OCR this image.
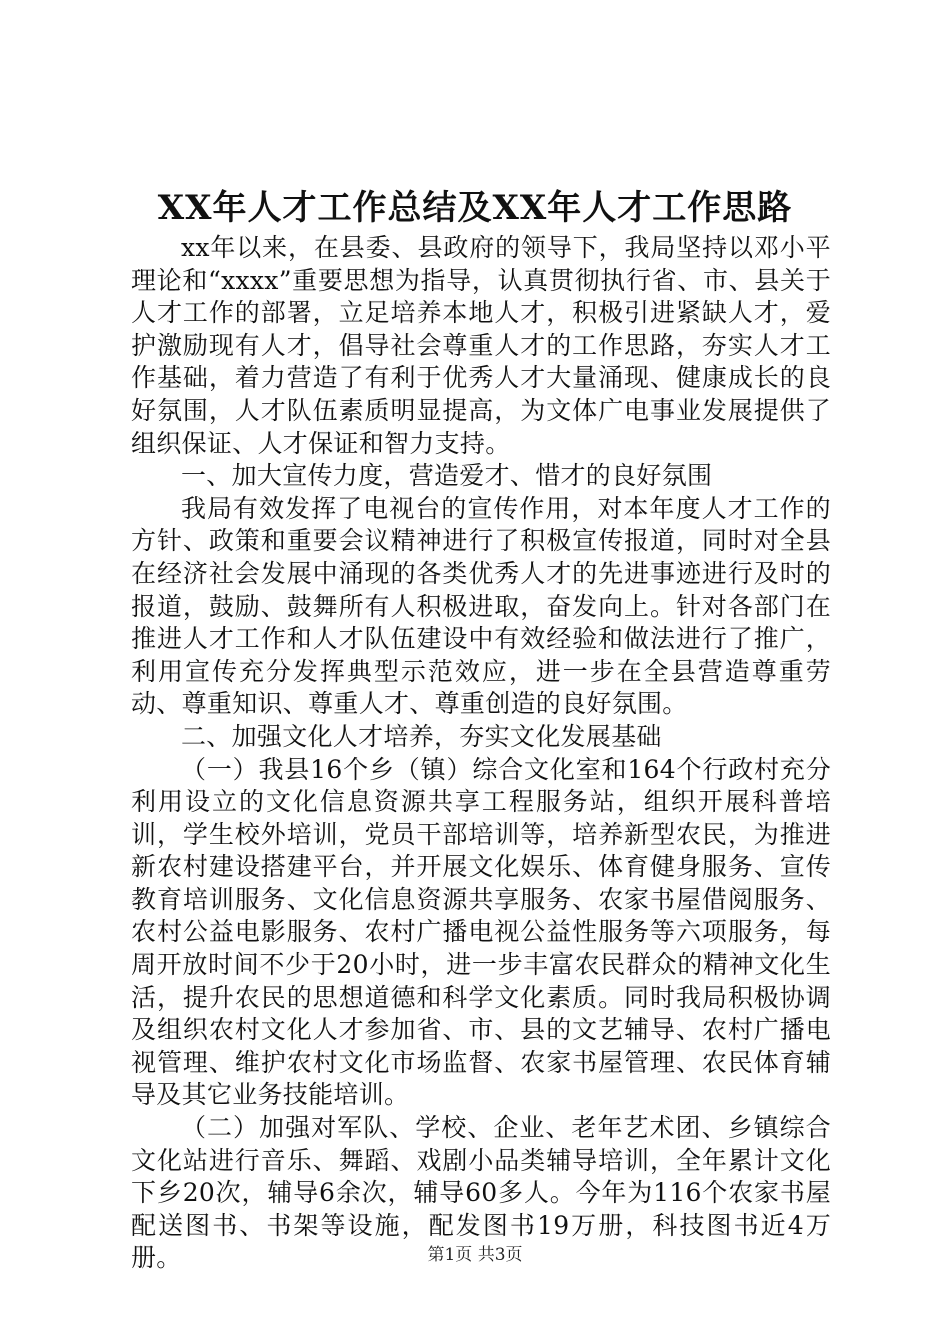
XX年人才工作总结及XX年人才工作思路

xx年以来，在县委、县政府的领导下，我局坚持以邓小平理论和“xxxx”重要思想为指导，认真贯彻执行省、市、县关于人才工作的部署，立足培养本地人才，积极引进紧缺人才，爱护激励现有人才，倡导社会尊重人才的工作思路，夯实人才工作基础，着力营造了有利于优秀人才大量涌现、健康成长的良好氛围，人才队伍素质明显提高，为文体广电事业发展提供了组织保证、人才保证和智力支持。

一、加大宣传力度，营造爱才、惜才的良好氛围

我局有效发挥了电视台的宣传作用，对本年度人才工作的方针、政策和重要会议精神进行了积极宣传报道，同时对全县在经济社会发展中涌现的各类优秀人才的先进事迹进行及时的报道，鼓励、鼓舞所有人积极进取，奋发向上。针对各部门在推进人才工作和人才队伍建设中有效经验和做法进行了推广，利用宣传充分发挥典型示范效应，进一步在全县营造尊重劳动、尊重知识、尊重人才、尊重创造的良好氛围。

二、加强文化人才培养，夯实文化发展基础

（一）我县16个乡（镇）综合文化室和164个行政村充分利用设立的文化信息资源共享工程服务站，组织开展科普培训，学生校外培训，党员干部培训等，培养新型农民，为推进新农村建设搭建平台，并开展文化娱乐、体育健身服务、宣传教育培训服务、文化信息资源共享服务、农家书屋借阅服务、农村公益电影服务、农村广播电视公益性服务等六项服务，每周开放时间不少于20小时，进一步丰富农民群众的精神文化生活，提升农民的思想道德和科学文化素质。同时我局积极协调及组织农村文化人才参加省、市、县的文艺辅导、农村广播电视管理、维护农村文化市场监督、农家书屋管理、农民体育辅导及其它业务技能培训。

（二）加强对军队、学校、企业、老年艺术团、乡镇综合文化站进行音乐、舞蹈、戏剧小品类辅导培训，全年累计文化下乡20次，辅导6余次，辅导60多人。今年为116个农家书屋配送图书、书架等设施，配发图书19万册，科技图书近4万册。	第1页 共3页
